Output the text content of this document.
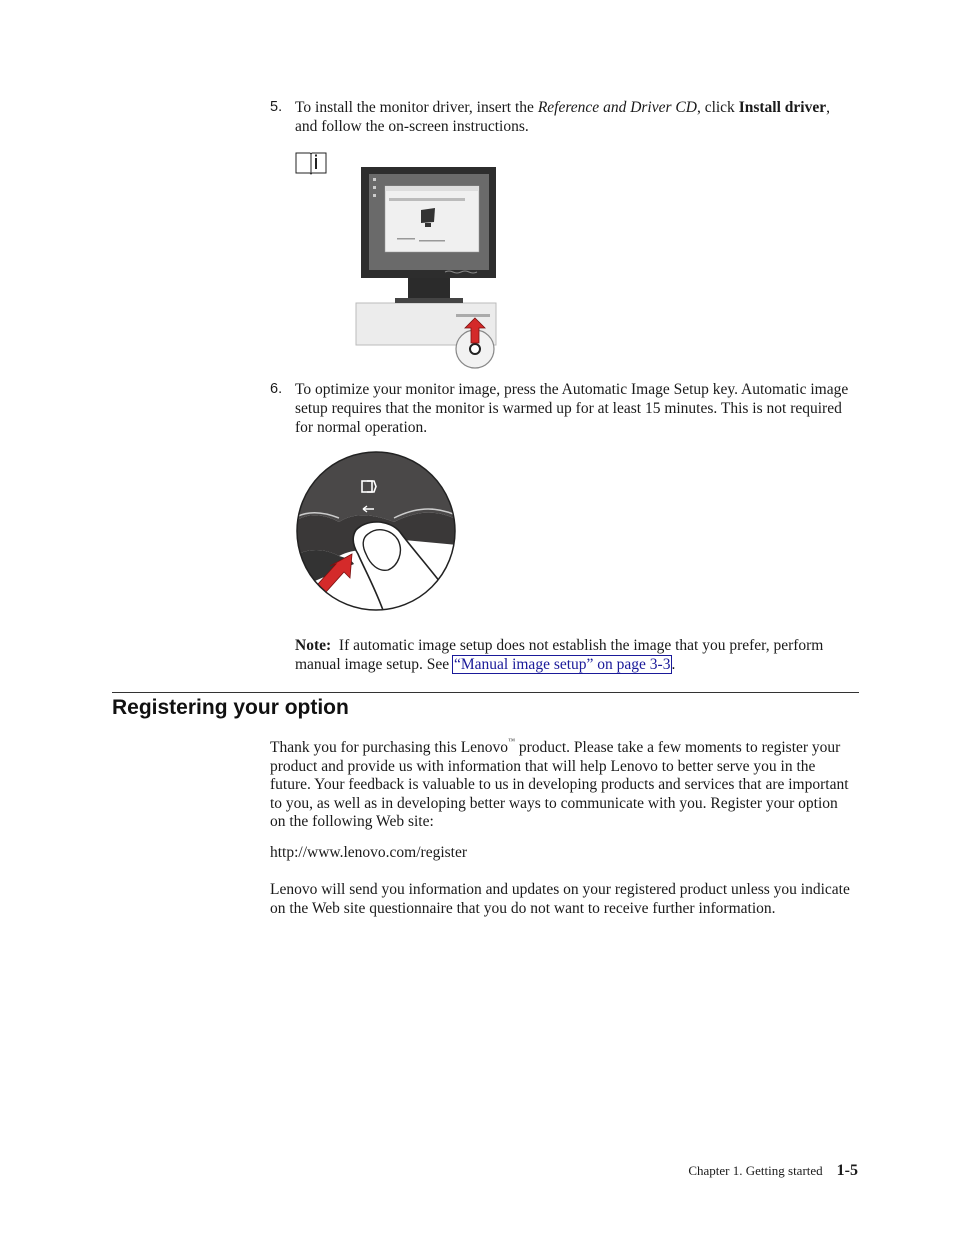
5. To install the monitor driver, insert the Reference and Driver CD, click Install driver, and follow the on-screen instructions.
6. To optimize your monitor image, press the Automatic Image Setup key. Automatic image setup requires that the monitor is warmed up for at least 15 minutes. This is not required for normal operation.
Note: If automatic image setup does not establish the image that you prefer, perform manual image setup. See “Manual image setup” on page 3-3.
Registering your option

Thank you for purchasing this Lenovo™ product. Please take a few moments to register your product and provide us with information that will help Lenovo to better serve you in the future. Your feedback is valuable to us in developing products and services that are important to you, as well as in developing better ways to communicate with you. Register your option on the following Web site:

http://www.lenovo.com/register
Lenovo will send you information and updates on your registered product unless you indicate on the Web site questionnaire that you do not want to receive further information.
Chapter 1. Getting started 1-5
